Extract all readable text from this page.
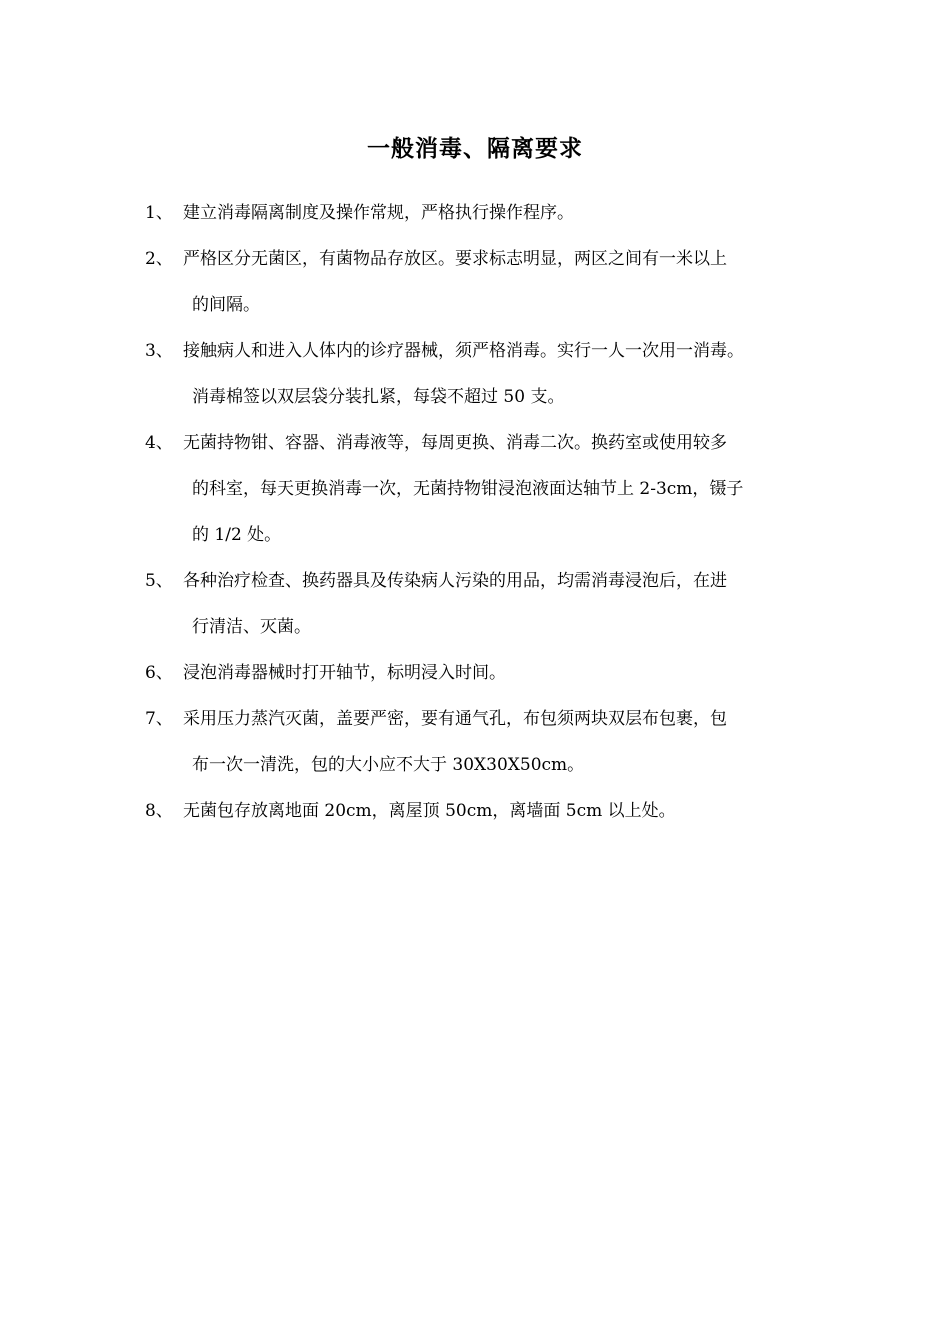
一般消毒、隔离要求
1、 建立消毒隔离制度及操作常规，严格执行操作程序。
2、 严格区分无菌区，有菌物品存放区。要求标志明显，两区之间有一米以上
的间隔。
3、 接触病人和进入人体内的诊疗器械，须严格消毒。实行一人一次用一消毒。
消毒棉签以双层袋分装扎紧，每袋不超过 50 支。
4、 无菌持物钳、容器、消毒液等，每周更换、消毒二次。换药室或使用较多
的科室，每天更换消毒一次，无菌持物钳浸泡液面达轴节上 2-3cm，镊子
的 1/2 处。
5、 各种治疗检查、换药器具及传染病人污染的用品，均需消毒浸泡后，在进
行清洁、灭菌。
6、 浸泡消毒器械时打开轴节，标明浸入时间。
7、 采用压力蒸汽灭菌，盖要严密，要有通气孔，布包须两块双层布包裹，包
布一次一清洗，包的大小应不大于 30X30X50cm。
8、 无菌包存放离地面 20cm，离屋顶 50cm，离墙面 5cm 以上处。
